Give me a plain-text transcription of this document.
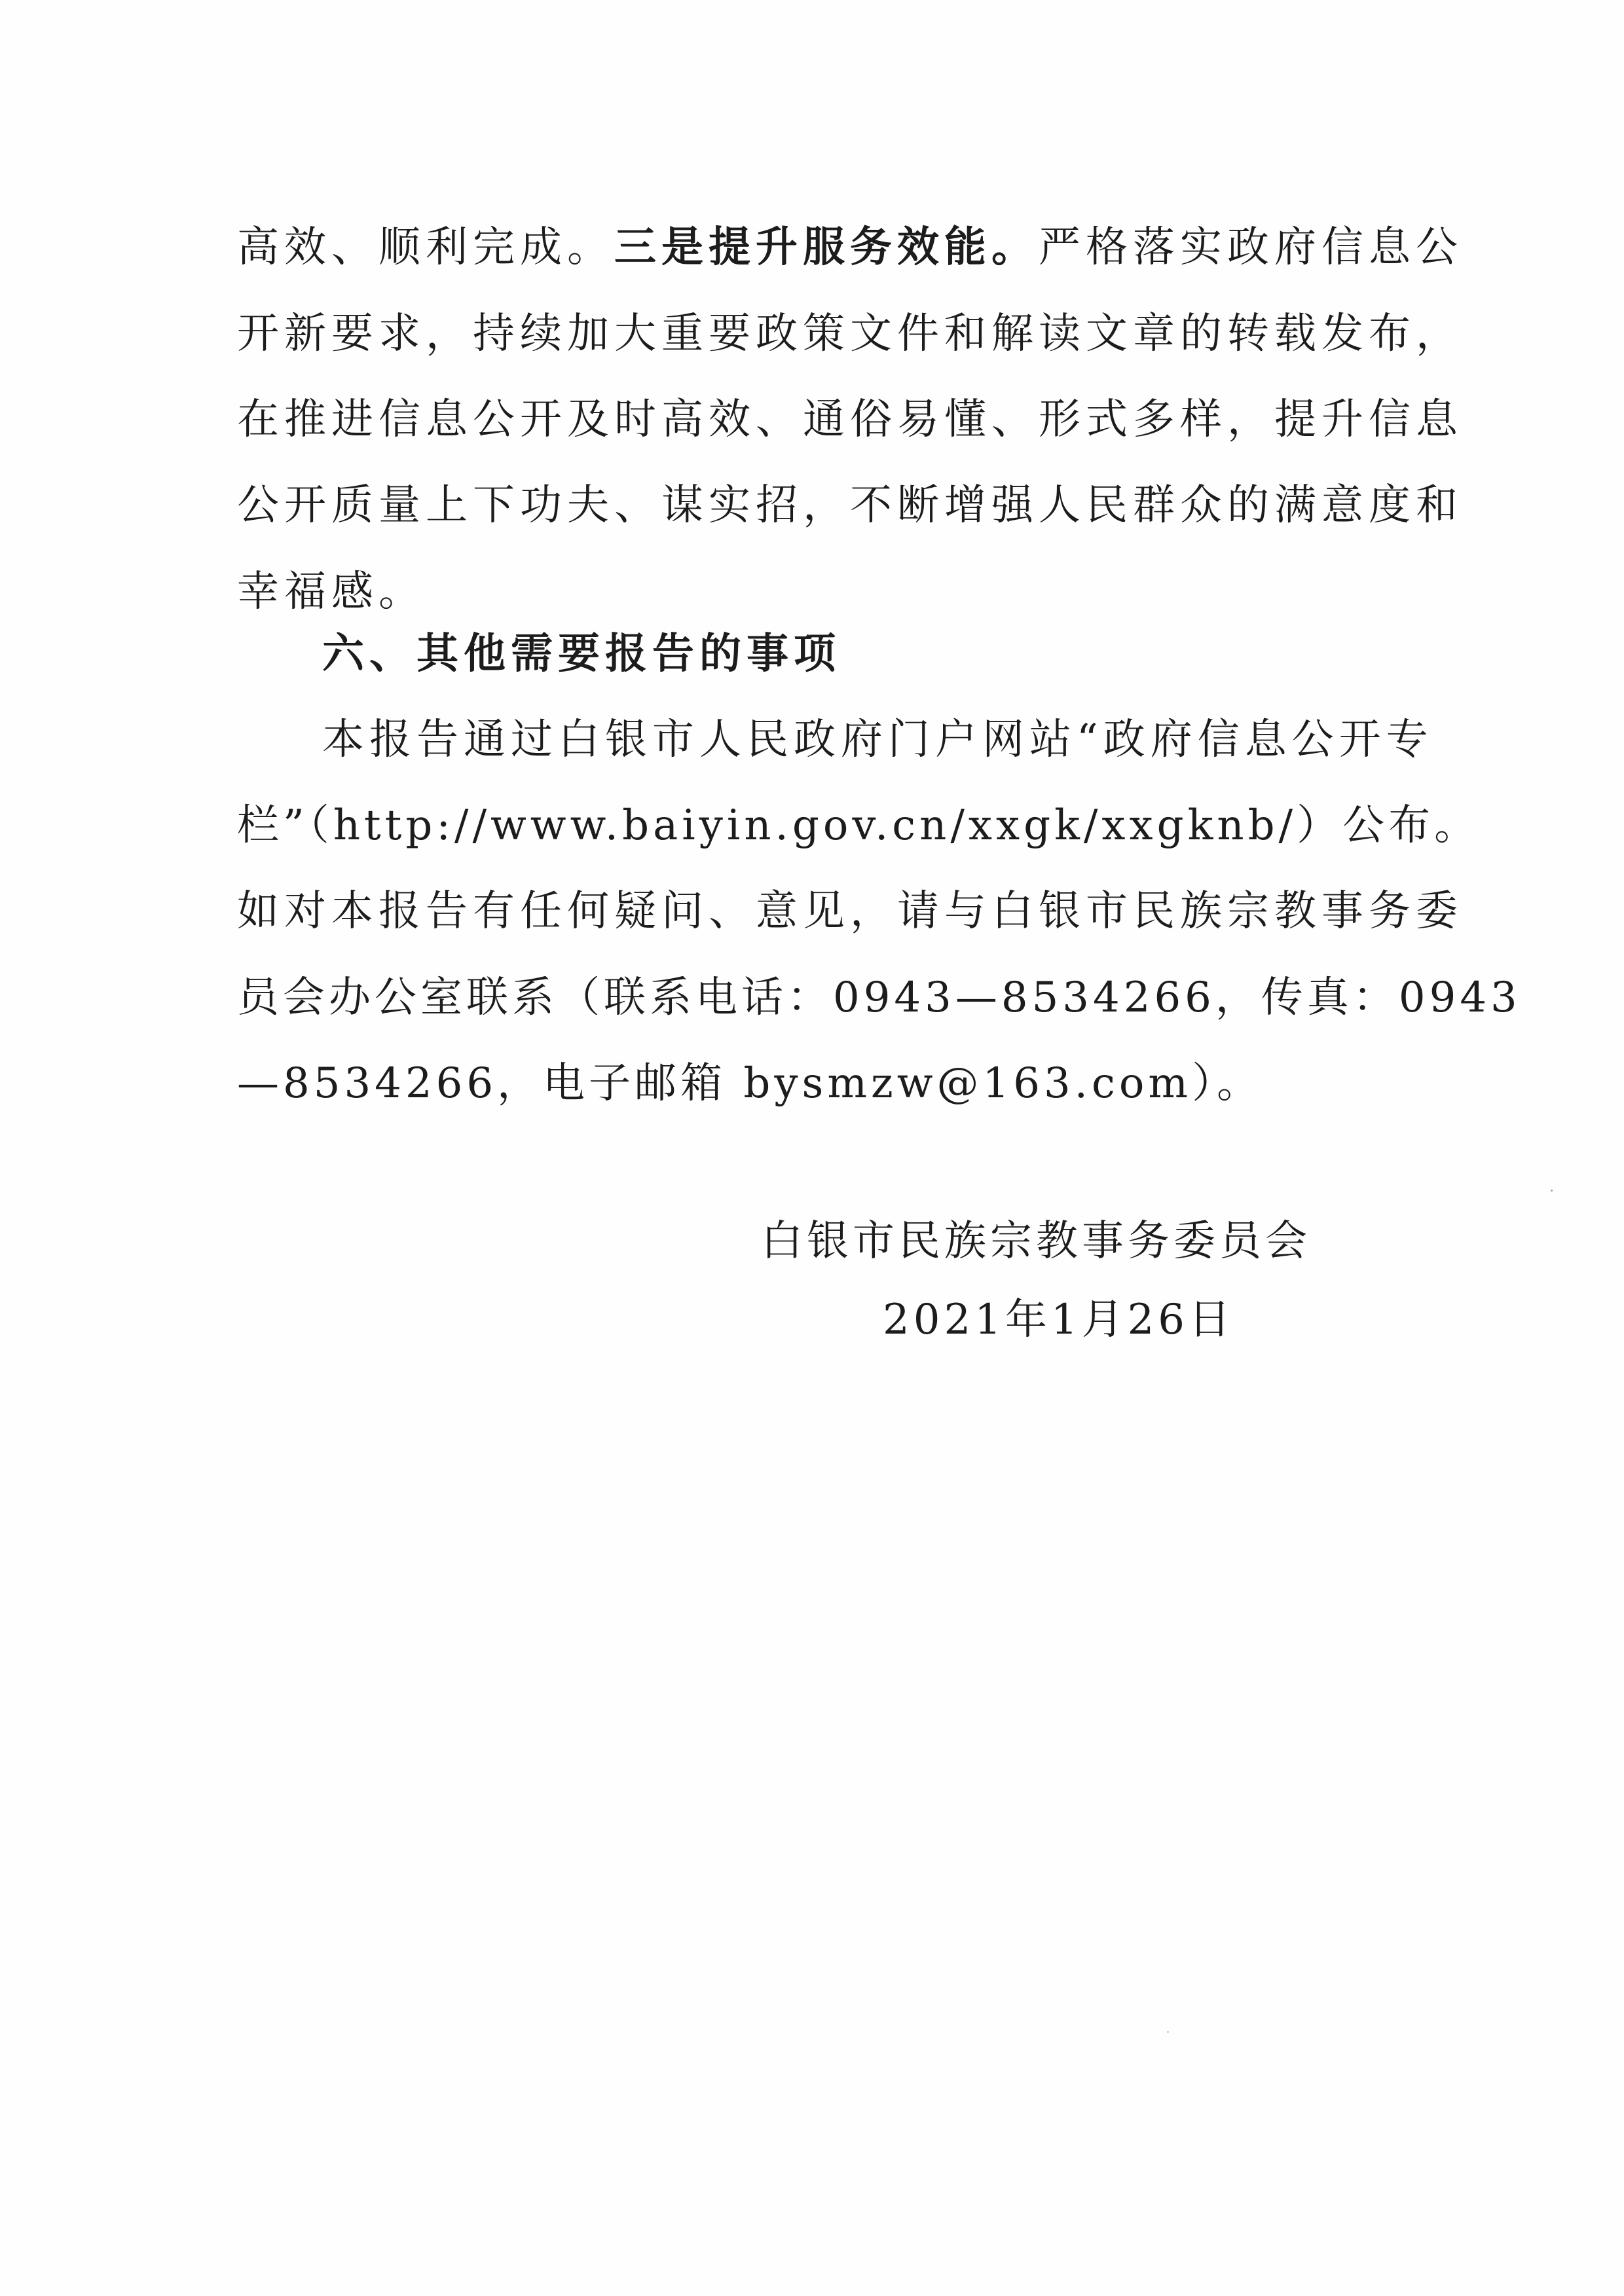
高效、顺利完成。三是提升服务效能。严格落实政府信息公
开新要求，持续加大重要政策文件和解读文章的转载发布，
在推进信息公开及时高效、通俗易懂、形式多样，提升信息
公开质量上下功夫、谋实招，不断增强人民群众的满意度和
幸福感。
六、其他需要报告的事项
本报告通过白银市人民政府门户网站“政府信息公开专
栏”（http://www.baiyin.gov.cn/xxgk/xxgknb/）公布。
如对本报告有任何疑问、意见，请与白银市民族宗教事务委
员会办公室联系（联系电话：0943—8534266，传真：0943
—8534266，电子邮箱 bysmzw@163.com）。
白银市民族宗教事务委员会
2021年1月26日
